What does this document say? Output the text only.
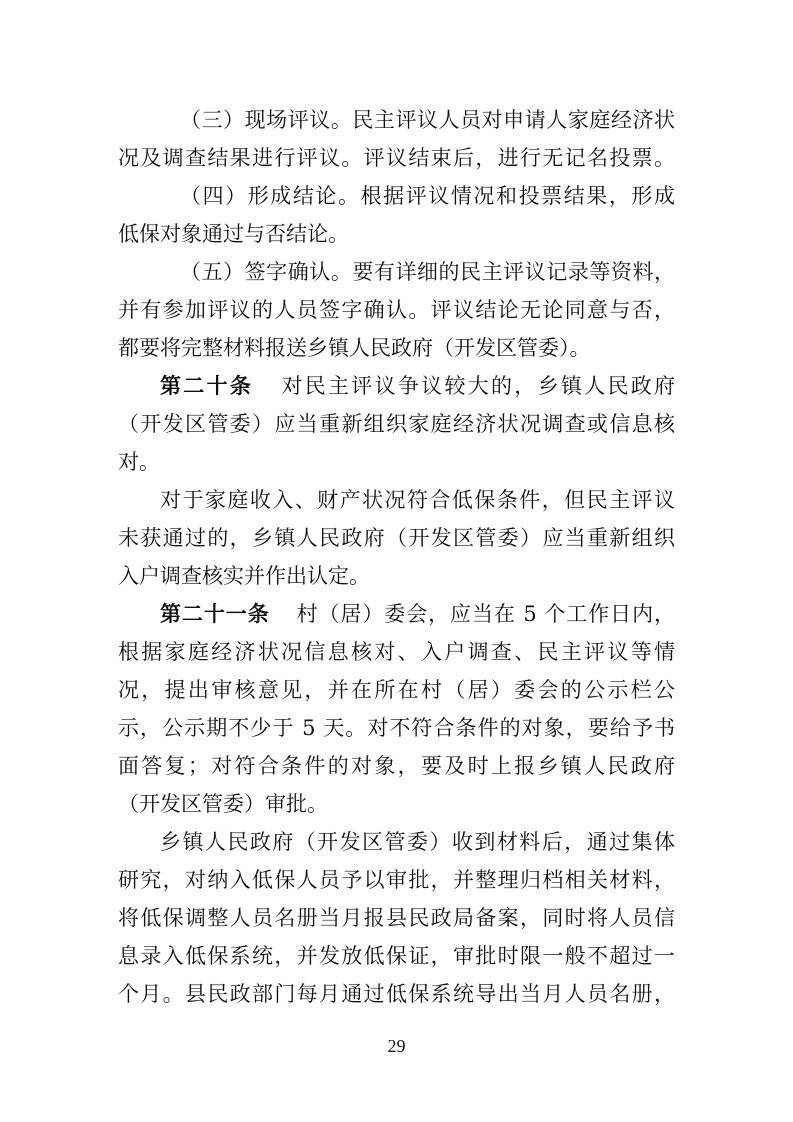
（三）现场评议。民主评议人员对申请人家庭经济状
况及调查结果进行评议。评议结束后，进行无记名投票。
（四）形成结论。根据评议情况和投票结果，形成
低保对象通过与否结论。
（五）签字确认。要有详细的民主评议记录等资料，
并有参加评议的人员签字确认。评议结论无论同意与否，
都要将完整材料报送乡镇人民政府（开发区管委）。
第二十条 对民主评议争议较大的，乡镇人民政府
（开发区管委）应当重新组织家庭经济状况调查或信息核
对。
对于家庭收入、财产状况符合低保条件，但民主评议
未获通过的，乡镇人民政府（开发区管委）应当重新组织
入户调查核实并作出认定。
第二十一条 村（居）委会，应当在 5 个工作日内，
根据家庭经济状况信息核对、入户调查、民主评议等情
况，提出审核意见，并在所在村（居）委会的公示栏公
示，公示期不少于 5 天。对不符合条件的对象，要给予书
面答复；对符合条件的对象，要及时上报乡镇人民政府
（开发区管委）审批。
乡镇人民政府（开发区管委）收到材料后，通过集体
研究，对纳入低保人员予以审批，并整理归档相关材料，
将低保调整人员名册当月报县民政局备案，同时将人员信
息录入低保系统，并发放低保证，审批时限一般不超过一
个月。县民政部门每月通过低保系统导出当月人员名册，
29
